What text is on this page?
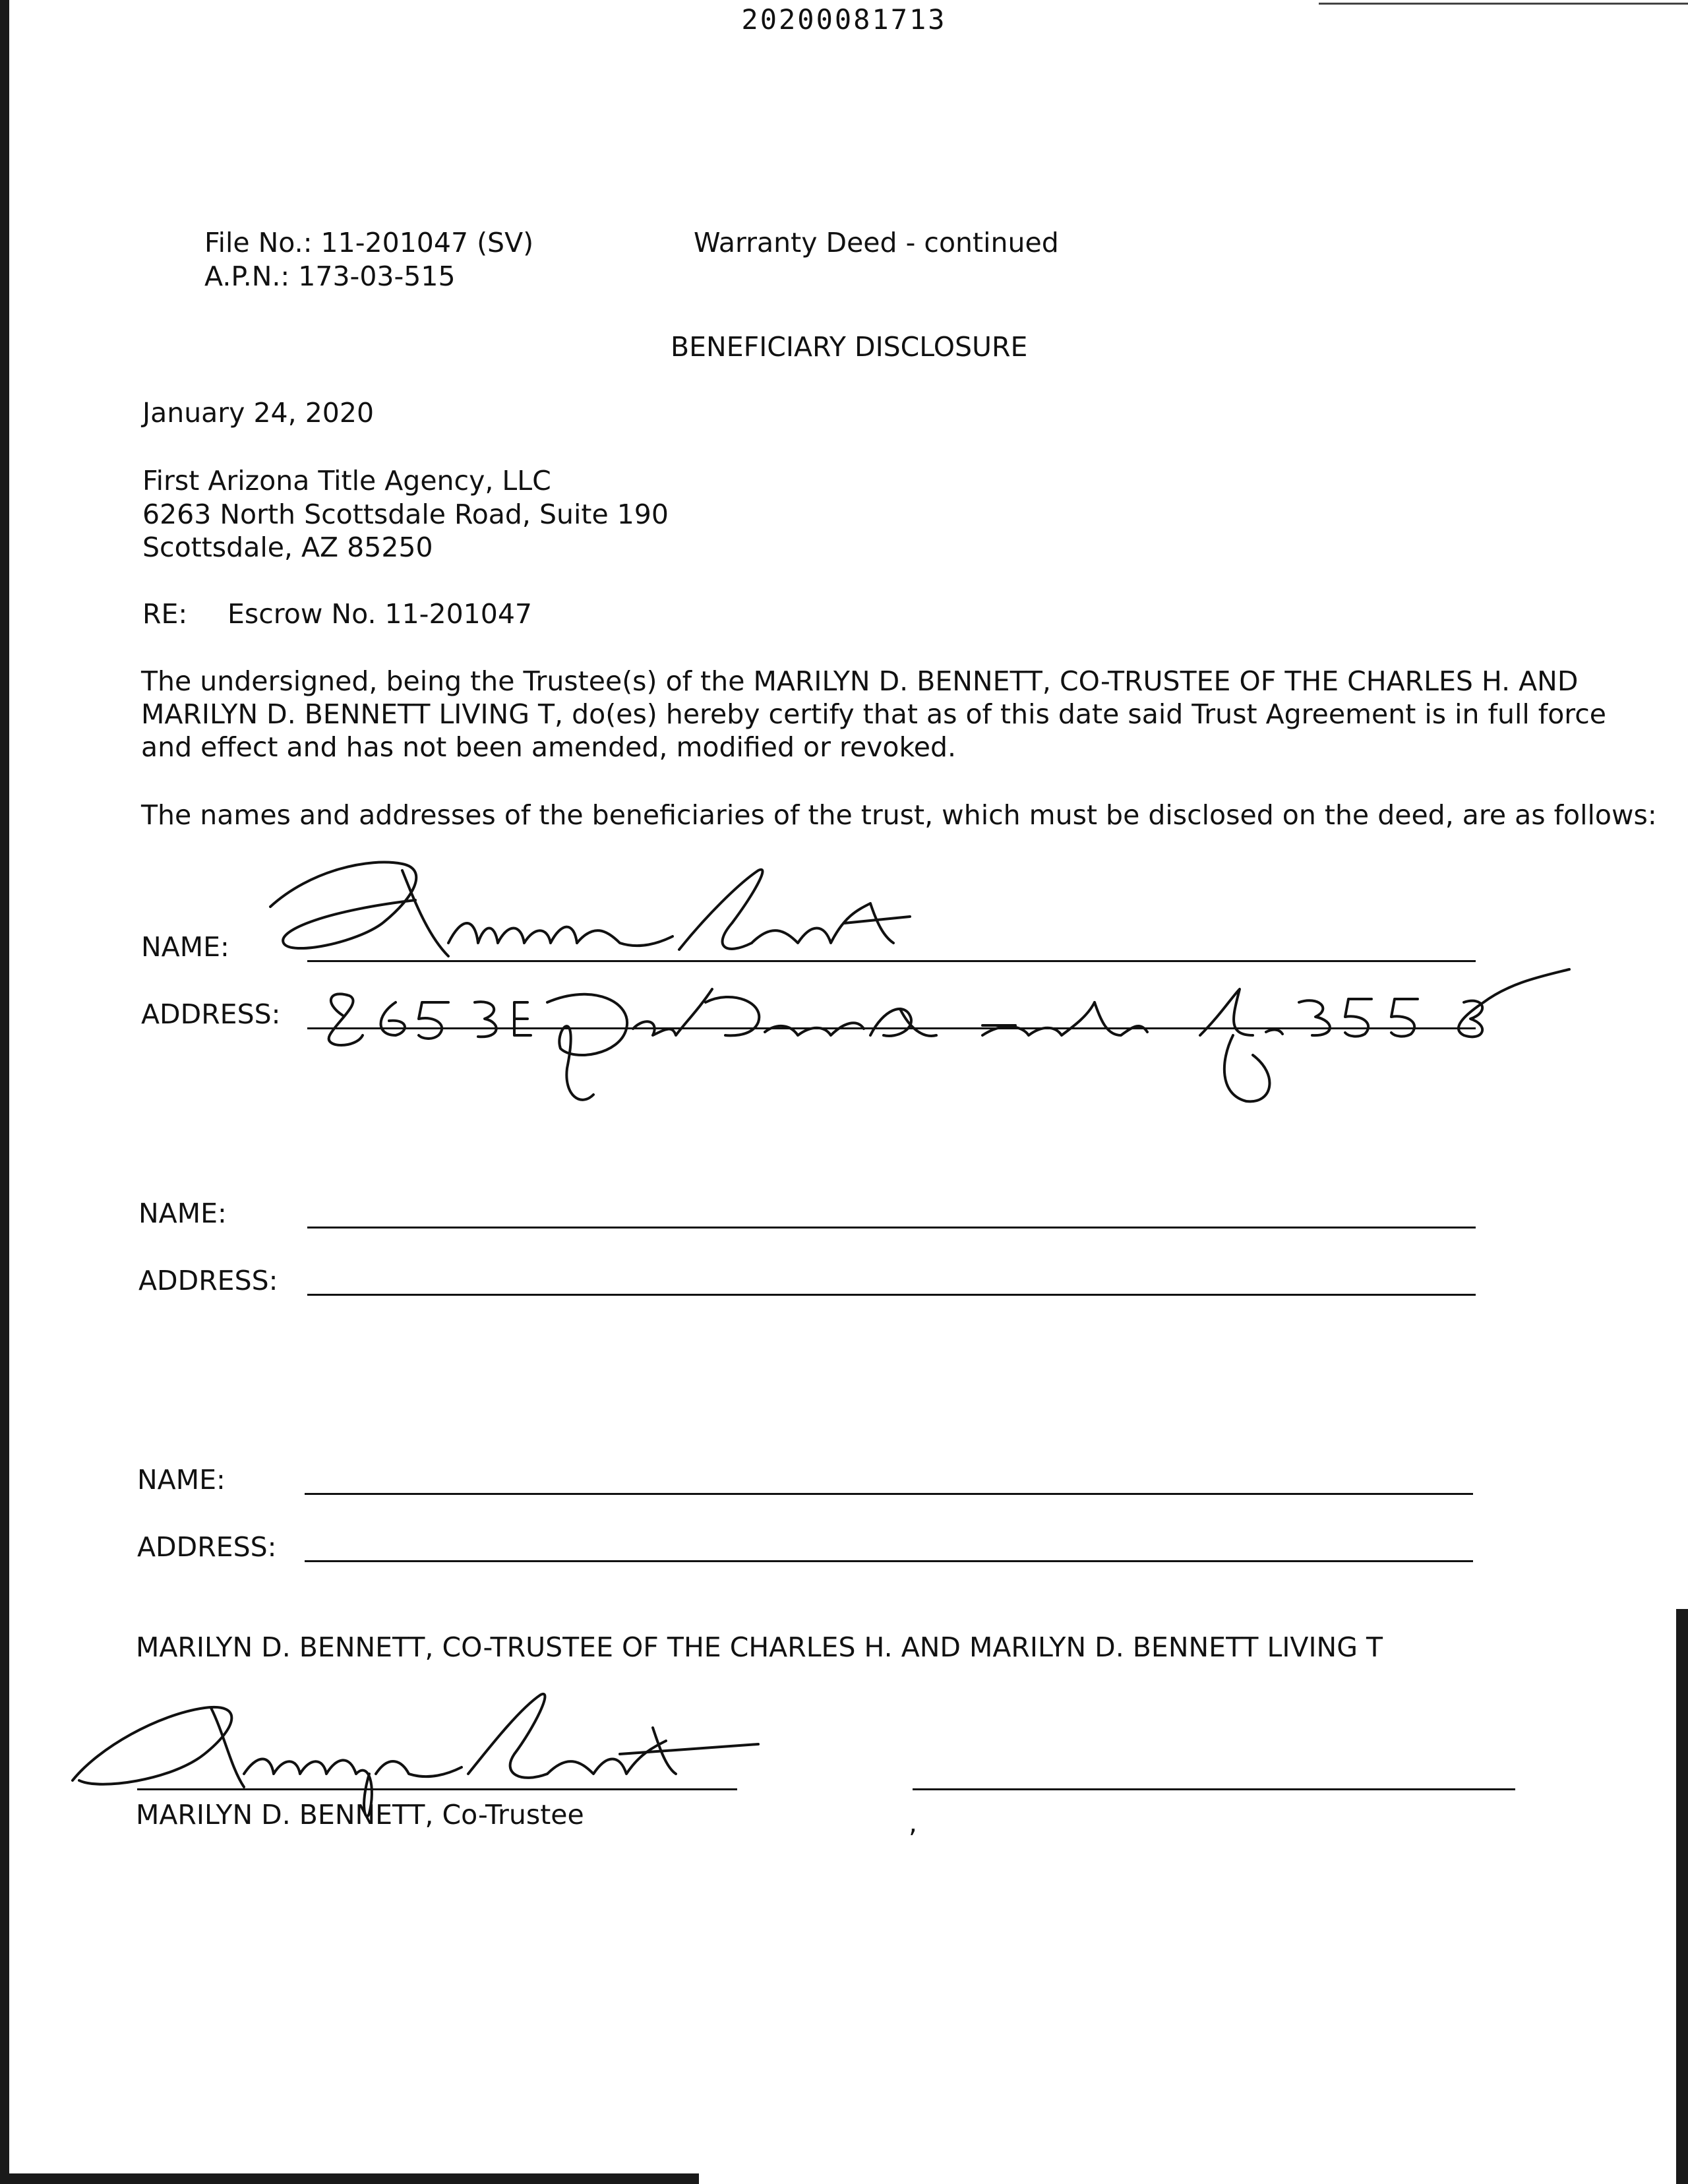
20200081713
File No.: 11-201047 (SV)
A.P.N.: 173-03-515
Warranty Deed - continued
BENEFICIARY DISCLOSURE
January 24, 2020
First Arizona Title Agency, LLC
6263 North Scottsdale Road, Suite 190
Scottsdale, AZ 85250
RE: Escrow No. 11-201047
The undersigned, being the Trustee(s) of the MARILYN D. BENNETT, CO-TRUSTEE OF THE CHARLES H. AND
MARILYN D. BENNETT LIVING T, do(es) hereby certify that as of this date said Trust Agreement is in full force
and effect and has not been amended, modified or revoked.
The names and addresses of the beneficiaries of the trust, which must be disclosed on the deed, are as follows:
NAME:
ADDRESS:
NAME:
ADDRESS:
NAME:
ADDRESS:
MARILYN D. BENNETT, CO-TRUSTEE OF THE CHARLES H. AND MARILYN D. BENNETT LIVING T
MARILYN D. BENNETT, Co-Trustee	,
